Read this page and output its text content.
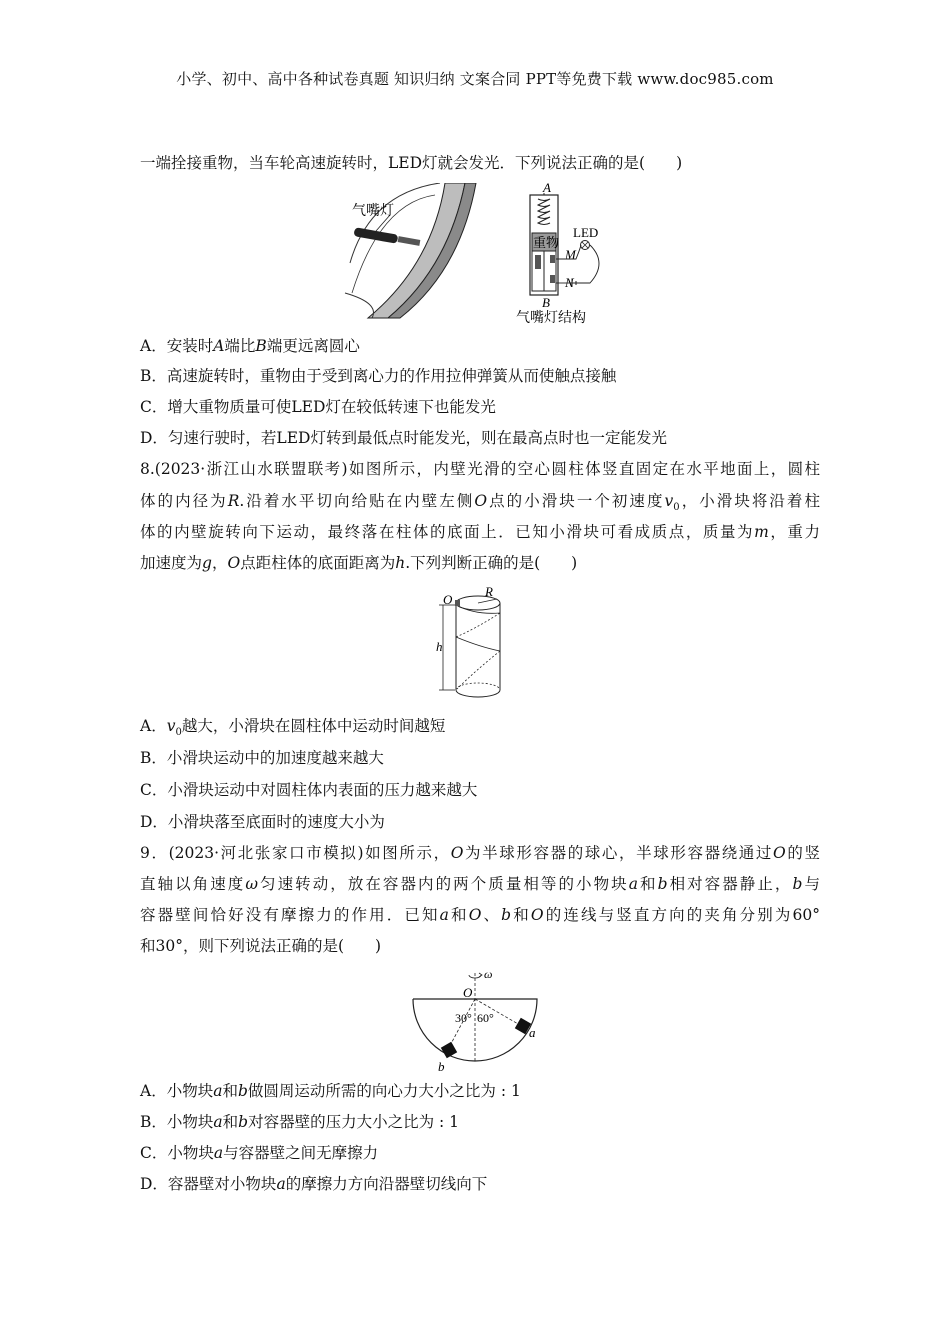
小学、初中、高中各种试卷真题 知识归纳 文案合同 PPT等免费下载 www.doc985.com
一端拴接重物，当车轮高速旋转时，LED灯就会发光．下列说法正确的是(　　)
气嘴灯
A
B
重物
M
N
LED
气嘴灯结构
A．安装时A端比B端更远离圆心
B．高速旋转时，重物由于受到离心力的作用拉伸弹簧从而使触点接触
C．增大重物质量可使LED灯在较低转速下也能发光
D．匀速行驶时，若LED灯转到最低点时能发光，则在最高点时也一定能发光
8.(2023·浙江山水联盟联考)如图所示，内壁光滑的空心圆柱体竖直固定在水平地面上，圆柱
体的内径为R.沿着水平切向给贴在内壁左侧O点的小滑块一个初速度$v_0$，小滑块将沿着柱
体的内壁旋转向下运动，最终落在柱体的底面上．已知小滑块可看成质点，质量为m，重力
加速度为g，O点距柱体的底面距离为h.下列判断正确的是(　　)
O
R
h
A．$v_0$越大，小滑块在圆柱体中运动时间越短
B．小滑块运动中的加速度越来越大
C．小滑块运动中对圆柱体内表面的压力越来越大
D．小滑块落至底面时的速度大小为
9．(2023·河北张家口市模拟)如图所示，O为半球形容器的球心，半球形容器绕通过O的竖
直轴以角速度ω匀速转动，放在容器内的两个质量相等的小物块a和b相对容器静止，b与
容器壁间恰好没有摩擦力的作用．已知a和O、b和O的连线与竖直方向的夹角分别为60°
和30°，则下列说法正确的是(　　)
ω
O
30° 60°
a
b
A．小物块a和b做圆周运动所需的向心力大小之比为 : 1
B．小物块a和b对容器壁的压力大小之比为 : 1
C．小物块a与容器壁之间无摩擦力
D．容器壁对小物块a的摩擦力方向沿器壁切线向下
